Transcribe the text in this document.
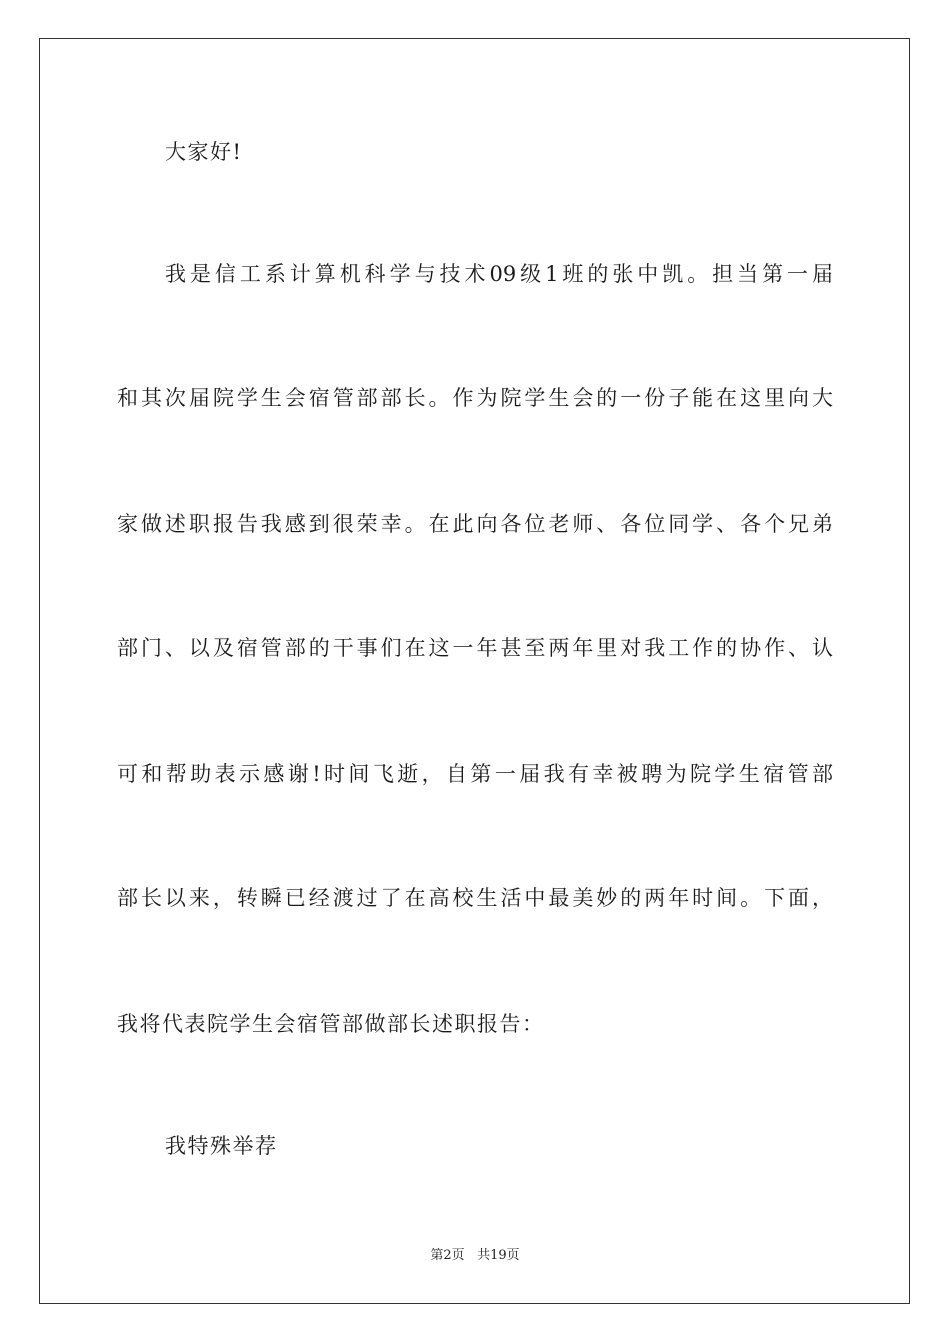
大家好!
我是信工系计算机科学与技术09级1班的张中凯。担当第一届
和其次届院学生会宿管部部长。作为院学生会的一份子能在这里向大
家做述职报告我感到很荣幸。在此向各位老师、各位同学、各个兄弟
部门、以及宿管部的干事们在这一年甚至两年里对我工作的协作、认
可和帮助表示感谢!时间飞逝，自第一届我有幸被聘为院学生宿管部
部长以来，转瞬已经渡过了在高校生活中最美妙的两年时间。下面，
我将代表院学生会宿管部做部长述职报告：
我特殊举荐
第2页 共19页
